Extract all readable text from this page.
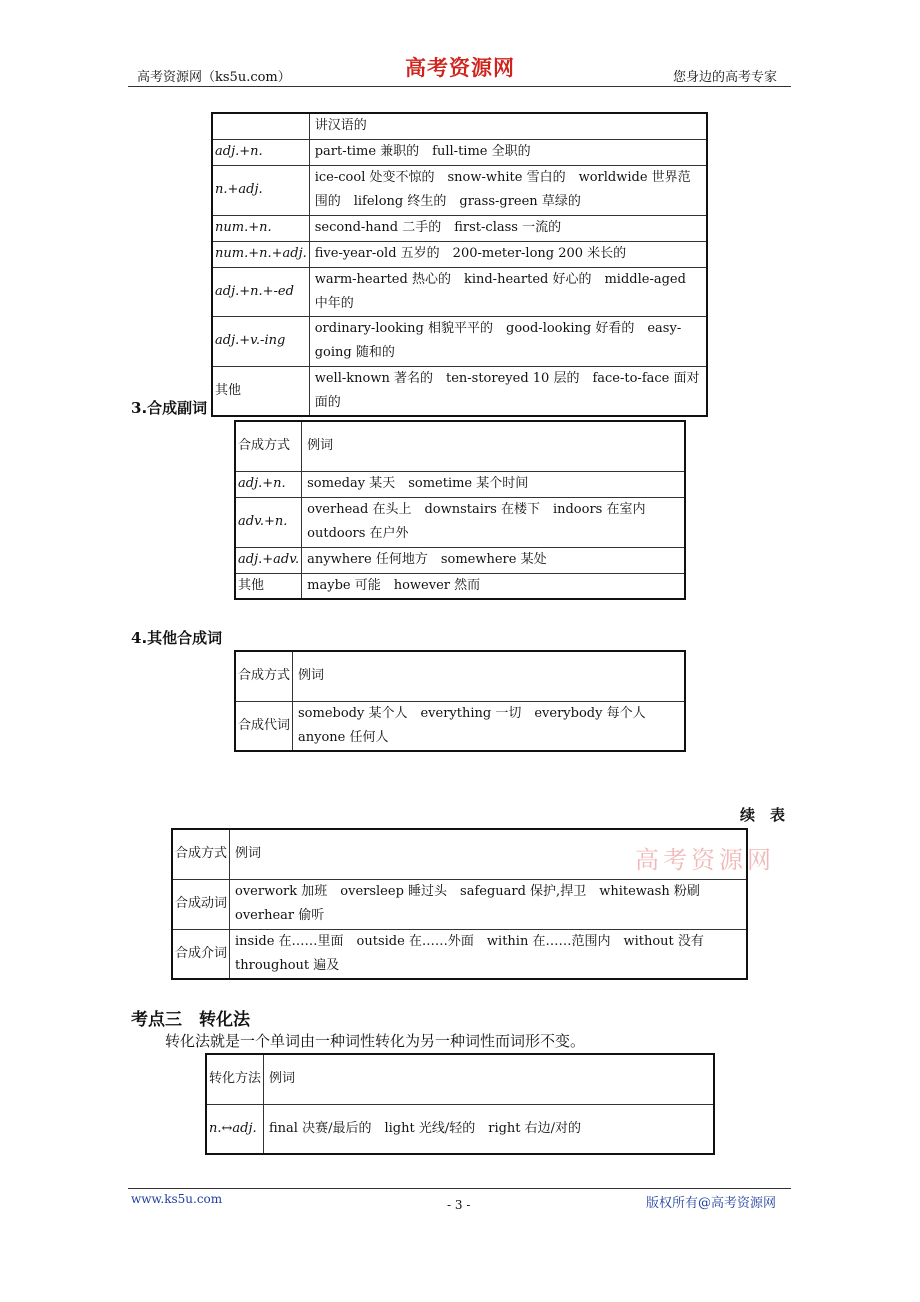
高考资源网（ks5u.com）	高考资源网	您身边的高考专家
	讲汉语的
adj.+n.	part-time 兼职的　full-time 全职的
n.+adj.	ice-cool 处变不惊的　snow-white 雪白的　worldwide 世界范围的　lifelong 终生的　grass-green 草绿的
num.+n.	second-hand 二手的　first-class 一流的
num.+n.+adj.	five-year-old 五岁的　200-meter-long 200 米长的
adj.+n.+-ed	warm-hearted 热心的　kind-hearted 好心的　middle-aged 中年的
adj.+v.-ing	ordinary-looking 相貌平平的　good-looking 好看的　easy-going 随和的
其他	well-known 著名的　ten-storeyed 10 层的　face-to-face 面对面的
3.合成副词
合成方式	例词
adj.+n.	someday 某天　sometime 某个时间
adv.+n.	overhead 在头上　downstairs 在楼下　indoors 在室内　outdoors 在户外
adj.+adv.	anywhere 任何地方　somewhere 某处
其他	maybe 可能　however 然而
4.其他合成词
合成方式	例词
合成代词	somebody 某个人　everything 一切　everybody 每个人　anyone 任何人
续　表
高考资源网
合成方式	例词
合成动词	overwork 加班　oversleep 睡过头　safeguard 保护,捍卫　whitewash 粉刷　overhear 偷听
合成介词	inside 在……里面　outside 在……外面　within 在……范围内　without 没有　throughout 遍及
考点三　转化法
转化法就是一个单词由一种词性转化为另一种词性而词形不变。
转化方法	例词
n.↔adj.	final 决赛/最后的　light 光线/轻的　right 右边/对的
www.ks5u.com	- 3 -	版权所有@高考资源网
